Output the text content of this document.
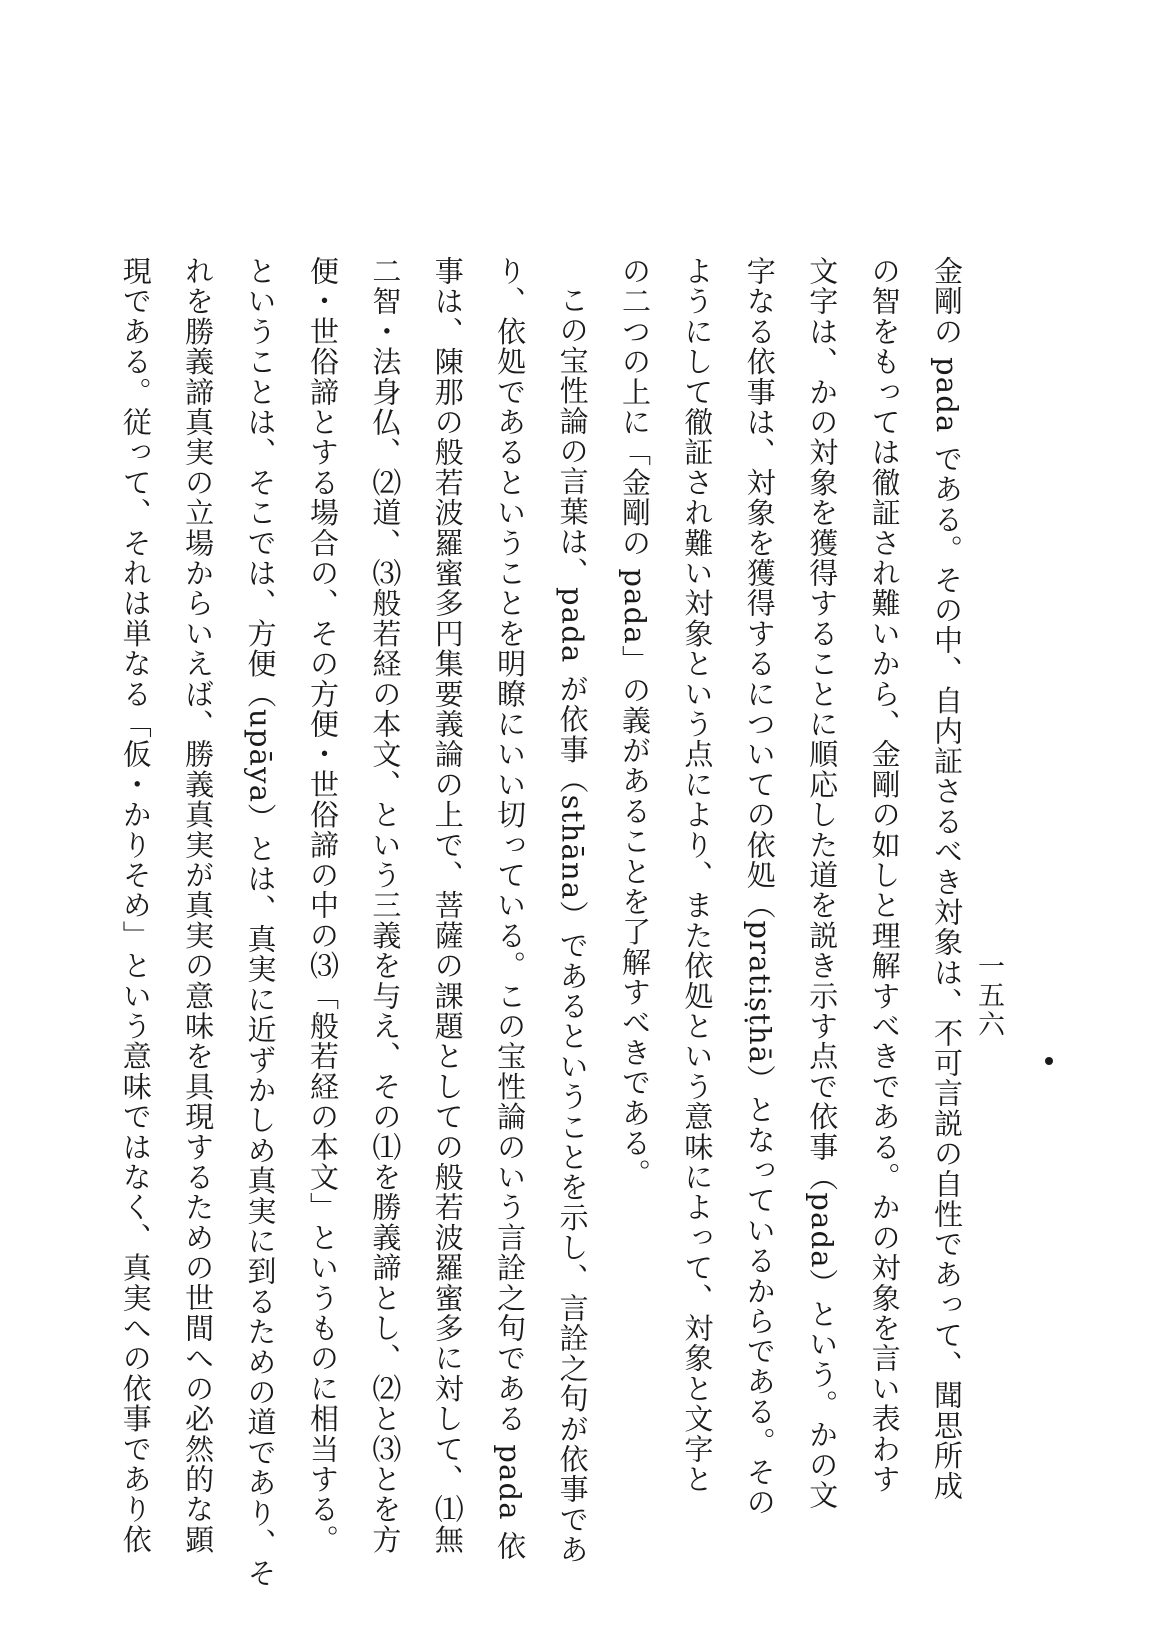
一五六
金剛の pada である。その中、自内証さるべき対象は、不可言説の自性であって、聞思所成
の智をもっては徹証され難いから、金剛の如しと理解すべきである。かの対象を言い表わす
文字は、かの対象を獲得することに順応した道を説き示す点で依事（pada）という。かの文
字なる依事は、対象を獲得するについての依処（pratiṣṭhā）となっているからである。その
ようにして徹証され難い対象という点により、また依処という意味によって、対象と文字と
の二つの上に「金剛の pada」の義があることを了解すべきである。
この宝性論の言葉は、pada が依事（sthāna）であるということを示し、言詮之句が依事であ
り、依処であるということを明瞭にいい切っている。この宝性論のいう言詮之句である pada 依
事は、陳那の般若波羅蜜多円集要義論の上で、菩薩の課題としての般若波羅蜜多に対して、⑴無
二智・法身仏、⑵道、⑶般若経の本文、という三義を与え、その⑴を勝義諦とし、⑵と⑶とを方
便・世俗諦とする場合の、その方便・世俗諦の中の⑶「般若経の本文」というものに相当する。
ということは、そこでは、方便（upāya）とは、真実に近ずかしめ真実に到るための道であり、そ
れを勝義諦真実の立場からいえば、勝義真実が真実の意味を具現するための世間への必然的な顕
現である。従って、それは単なる「仮・かりそめ」という意味ではなく、真実への依事であり依
